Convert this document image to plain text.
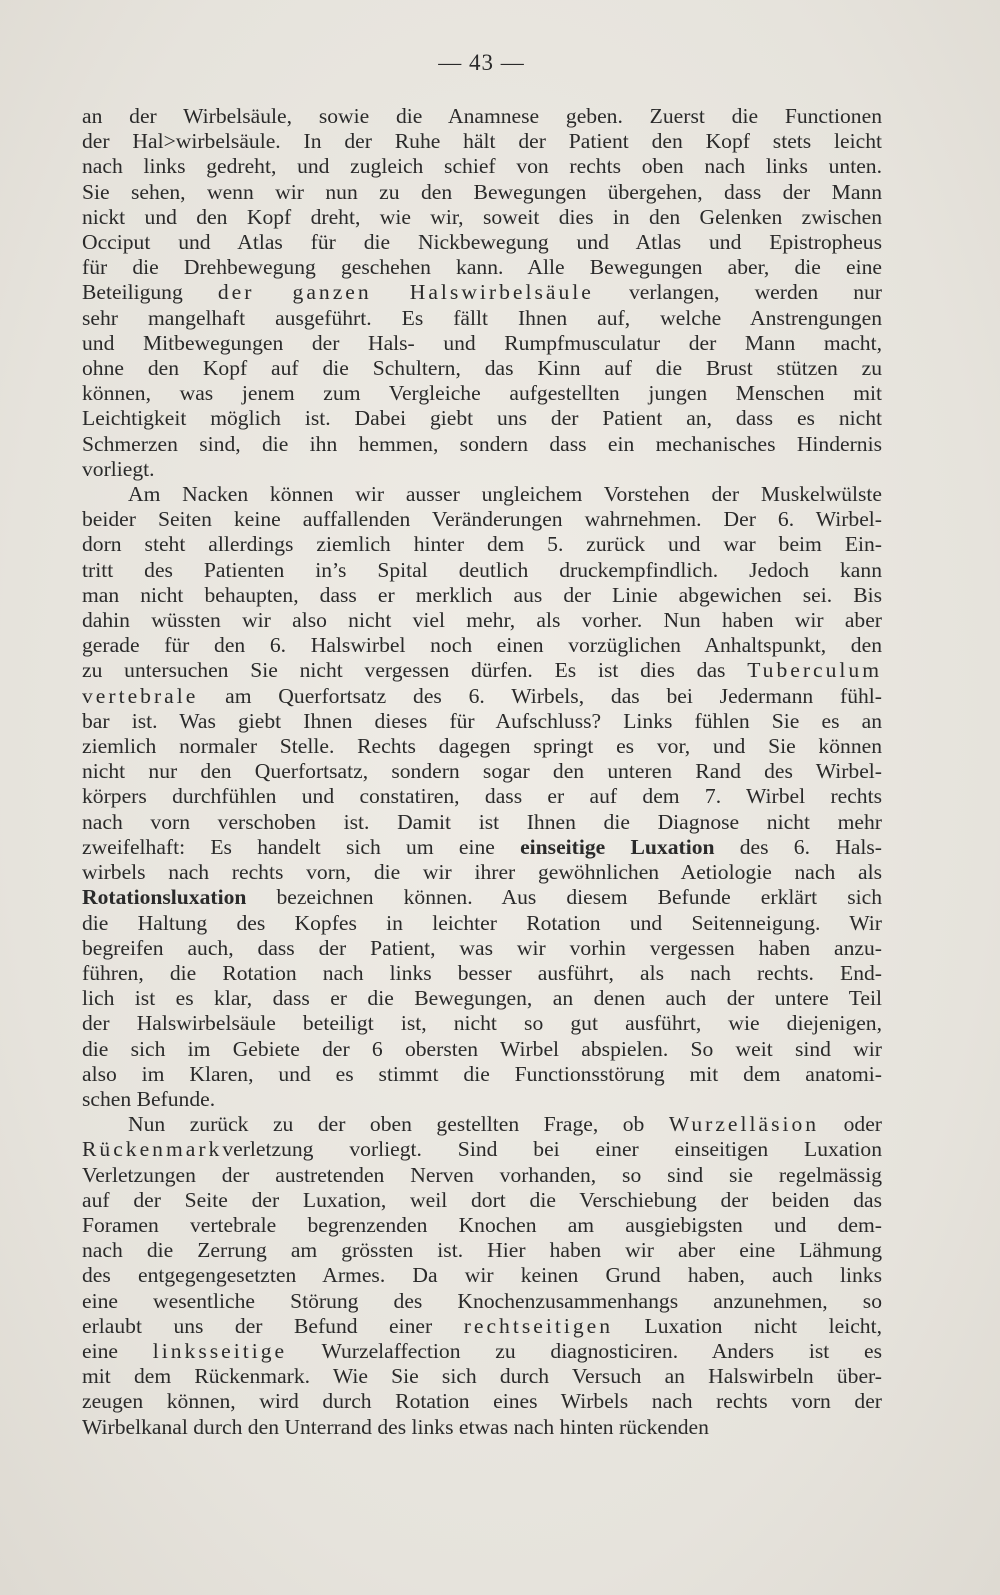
— 43 —
an der Wirbelsäule, sowie die Anamnese geben. Zuerst die Functionen
der Hal>wirbelsäule. In der Ruhe hält der Patient den Kopf stets leicht
nach links gedreht, und zugleich schief von rechts oben nach links unten.
Sie sehen, wenn wir nun zu den Bewegungen übergehen, dass der Mann
nickt und den Kopf dreht, wie wir, soweit dies in den Gelenken zwischen
Occiput und Atlas für die Nickbewegung und Atlas und Epistropheus
für die Drehbewegung geschehen kann. Alle Bewegungen aber, die eine
Beteiligung der ganzen Halswirbelsäule verlangen, werden nur
sehr mangelhaft ausgeführt. Es fällt Ihnen auf, welche Anstrengungen
und Mitbewegungen der Hals- und Rumpfmusculatur der Mann macht,
ohne den Kopf auf die Schultern, das Kinn auf die Brust stützen zu
können, was jenem zum Vergleiche aufgestellten jungen Menschen mit
Leichtigkeit möglich ist. Dabei giebt uns der Patient an, dass es nicht
Schmerzen sind, die ihn hemmen, sondern dass ein mechanisches Hindernis
vorliegt.
Am Nacken können wir ausser ungleichem Vorstehen der Muskelwülste
beider Seiten keine auffallenden Veränderungen wahrnehmen. Der 6. Wirbel-
dorn steht allerdings ziemlich hinter dem 5. zurück und war beim Ein-
tritt des Patienten in’s Spital deutlich druckempfindlich. Jedoch kann
man nicht behaupten, dass er merklich aus der Linie abgewichen sei. Bis
dahin wüssten wir also nicht viel mehr, als vorher. Nun haben wir aber
gerade für den 6. Halswirbel noch einen vorzüglichen Anhaltspunkt, den
zu untersuchen Sie nicht vergessen dürfen. Es ist dies das Tuberculum
vertebrale am Querfortsatz des 6. Wirbels, das bei Jedermann fühl-
bar ist. Was giebt Ihnen dieses für Aufschluss? Links fühlen Sie es an
ziemlich normaler Stelle. Rechts dagegen springt es vor, und Sie können
nicht nur den Querfortsatz, sondern sogar den unteren Rand des Wirbel-
körpers durchfühlen und constatiren, dass er auf dem 7. Wirbel rechts
nach vorn verschoben ist. Damit ist Ihnen die Diagnose nicht mehr
zweifelhaft: Es handelt sich um eine einseitige Luxation des 6. Hals-
wirbels nach rechts vorn, die wir ihrer gewöhnlichen Aetiologie nach als
Rotationsluxation bezeichnen können. Aus diesem Befunde erklärt sich
die Haltung des Kopfes in leichter Rotation und Seitenneigung. Wir
begreifen auch, dass der Patient, was wir vorhin vergessen haben anzu-
führen, die Rotation nach links besser ausführt, als nach rechts. End-
lich ist es klar, dass er die Bewegungen, an denen auch der untere Teil
der Halswirbelsäule beteiligt ist, nicht so gut ausführt, wie diejenigen,
die sich im Gebiete der 6 obersten Wirbel abspielen. So weit sind wir
also im Klaren, und es stimmt die Functionsstörung mit dem anatomi-
schen Befunde.
Nun zurück zu der oben gestellten Frage, ob Wurzelläsion oder
Rückenmarkverletzung vorliegt. Sind bei einer einseitigen Luxation
Verletzungen der austretenden Nerven vorhanden, so sind sie regelmässig
auf der Seite der Luxation, weil dort die Verschiebung der beiden das
Foramen vertebrale begrenzenden Knochen am ausgiebigsten und dem-
nach die Zerrung am grössten ist. Hier haben wir aber eine Lähmung
des entgegengesetzten Armes. Da wir keinen Grund haben, auch links
eine wesentliche Störung des Knochenzusammenhangs anzunehmen, so
erlaubt uns der Befund einer rechtseitigen Luxation nicht leicht,
eine linksseitige Wurzelaffection zu diagnosticiren. Anders ist es
mit dem Rückenmark. Wie Sie sich durch Versuch an Halswirbeln über-
zeugen können, wird durch Rotation eines Wirbels nach rechts vorn der
Wirbelkanal durch den Unterrand des links etwas nach hinten rückenden
